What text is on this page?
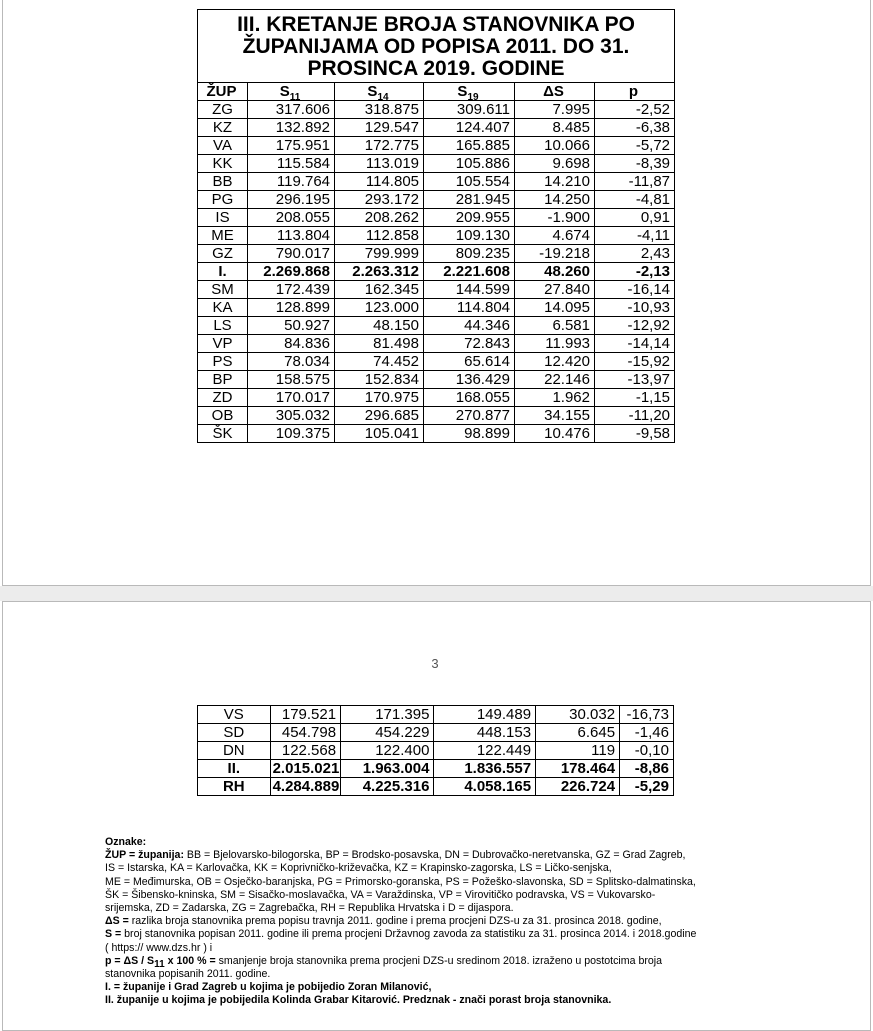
III. KRETANJE BROJA STANOVNIKA PO ŽUPANIJAMA OD POPISA 2011. DO 31. PROSINCA 2019. GODINE					
ŽUP	$S_{11}$	$S_{14}$	$S_{19}$	ΔS	p
ZG	317.606	318.875	309.611	7.995	-2,52
KZ	132.892	129.547	124.407	8.485	-6,38
VA	175.951	172.775	165.885	10.066	-5,72
KK	115.584	113.019	105.886	9.698	-8,39
BB	119.764	114.805	105.554	14.210	-11,87
PG	296.195	293.172	281.945	14.250	-4,81
IS	208.055	208.262	209.955	-1.900	0,91
ME	113.804	112.858	109.130	4.674	-4,11
GZ	790.017	799.999	809.235	-19.218	2,43
I.	2.269.868	2.263.312	2.221.608	48.260	-2,13
SM	172.439	162.345	144.599	27.840	-16,14
KA	128.899	123.000	114.804	14.095	-10,93
LS	50.927	48.150	44.346	6.581	-12,92
VP	84.836	81.498	72.843	11.993	-14,14
PS	78.034	74.452	65.614	12.420	-15,92
BP	158.575	152.834	136.429	22.146	-13,97
ZD	170.017	170.975	168.055	1.962	-1,15
OB	305.032	296.685	270.877	34.155	-11,20
ŠK	109.375	105.041	98.899	10.476	-9,58
3
VS	179.521	171.395	149.489	30.032	-16,73
SD	454.798	454.229	448.153	6.645	-1,46
DN	122.568	122.400	122.449	119	-0,10
II.	2.015.021	1.963.004	1.836.557	178.464	-8,86
RH	4.284.889	4.225.316	4.058.165	226.724	-5,29
Oznake:
ŽUP = županija: BB = Bjelovarsko-bilogorska, BP = Brodsko-posavska, DN = Dubrovačko-neretvanska, GZ = Grad Zagreb,
IS = Istarska, KA = Karlovačka, KK = Koprivničko-križevačka, KZ = Krapinsko-zagorska, LS = Ličko-senjska,
ME = Međimurska, OB = Osječko-baranjska, PG = Primorsko-goranska, PS = Požeško-slavonska, SD = Splitsko-dalmatinska,
ŠK = Šibensko-kninska, SM = Sisačko-moslavačka, VA = Varaždinska, VP = Virovitičko podravska, VS = Vukovarsko-
srijemska, ZD = Zadarska, ZG = Zagrebačka, RH = Republika Hrvatska i D = dijaspora.
ΔS = razlika broja stanovnika prema popisu travnja 2011. godine i prema procjeni DZS-u za 31. prosinca 2018. godine,
S = broj stanovnika popisan 2011. godine ili prema procjeni Državnog zavoda za statistiku za 31. prosinca 2014. i 2018.godine
( https:// www.dzs.hr ) i
$p = \Delta S / S_{11}$ x 100 % = smanjenje broja stanovnika prema procjeni DZS-u sredinom 2018. izraženo u postotcima broja
stanovnika popisanih 2011. godine.
I. = županije i Grad Zagreb u kojima je pobijedio Zoran Milanović,
II. županije u kojima je pobijedila Kolinda Grabar Kitarović. Predznak - znači porast broja stanovnika.
